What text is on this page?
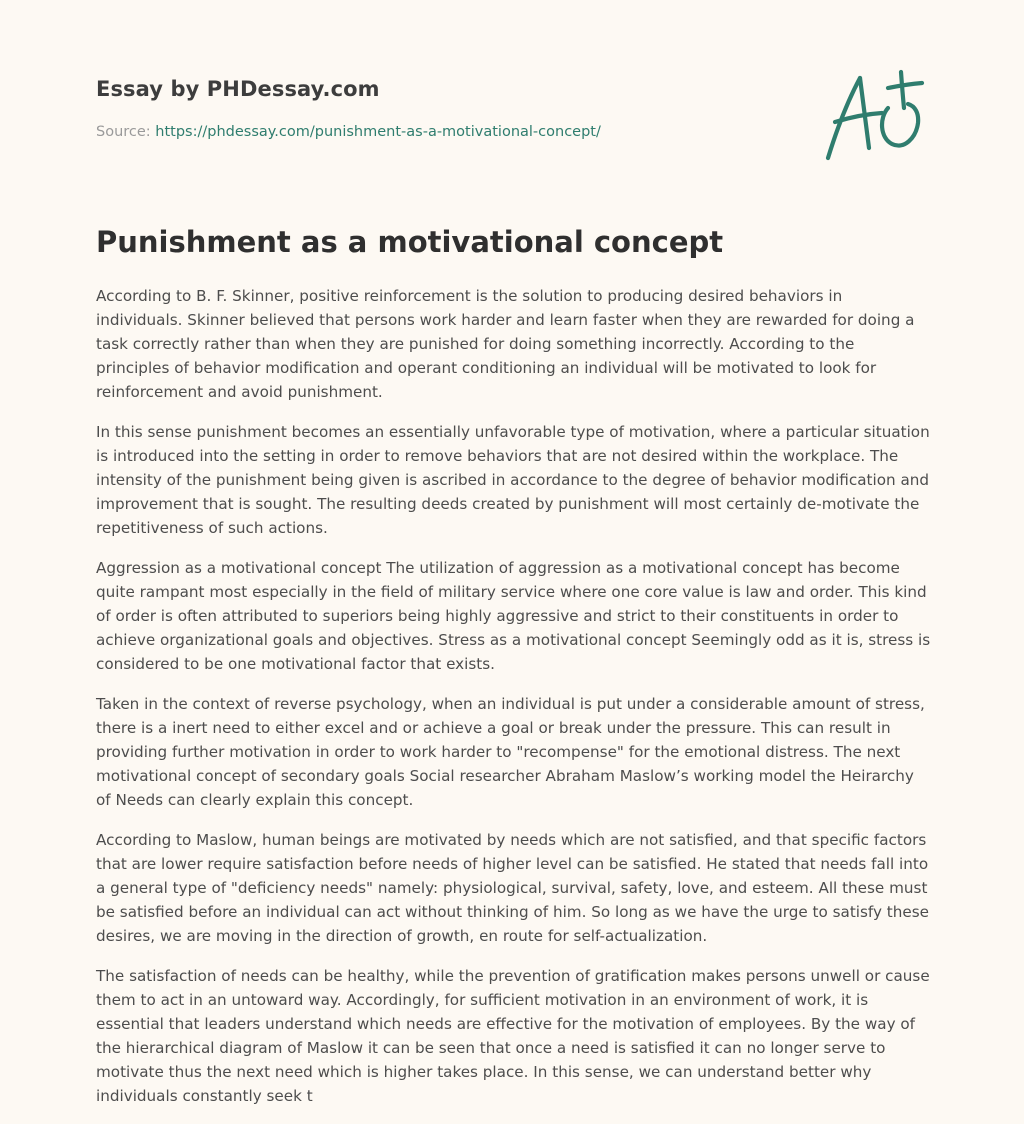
Essay by PHDessay.com

Source: https://phdessay.com/punishment-as-a-motivational-concept/

Punishment as a motivational concept

According to B. F. Skinner, positive reinforcement is the solution to producing desired behaviors in individuals. Skinner believed that persons work harder and learn faster when they are rewarded for doing a task correctly rather than when they are punished for doing something incorrectly. According to the principles of behavior modification and operant conditioning an individual will be motivated to look for reinforcement and avoid punishment.

In this sense punishment becomes an essentially unfavorable type of motivation, where a particular situation is introduced into the setting in order to remove behaviors that are not desired within the workplace. The intensity of the punishment being given is ascribed in accordance to the degree of behavior modification and improvement that is sought. The resulting deeds created by punishment will most certainly de-motivate the repetitiveness of such actions.

Aggression as a motivational concept The utilization of aggression as a motivational concept has become quite rampant most especially in the field of military service where one core value is law and order. This kind of order is often attributed to superiors being highly aggressive and strict to their constituents in order to achieve organizational goals and objectives. Stress as a motivational concept Seemingly odd as it is, stress is considered to be one motivational factor that exists.

Taken in the context of reverse psychology, when an individual is put under a considerable amount of stress, there is a inert need to either excel and or achieve a goal or break under the pressure. This can result in providing further motivation in order to work harder to "recompense" for the emotional distress. The next motivational concept of secondary goals Social researcher Abraham Maslow’s working model the Heirarchy of Needs can clearly explain this concept.

According to Maslow, human beings are motivated by needs which are not satisfied, and that specific factors that are lower require satisfaction before needs of higher level can be satisfied. He stated that needs fall into a general type of "deficiency needs" namely: physiological, survival, safety, love, and esteem. All these must be satisfied before an individual can act without thinking of him. So long as we have the urge to satisfy these desires, we are moving in the direction of growth, en route for self-actualization.

The satisfaction of needs can be healthy, while the prevention of gratification makes persons unwell or cause them to act in an untoward way. Accordingly, for sufficient motivation in an environment of work, it is essential that leaders understand which needs are effective for the motivation of employees. By the way of the hierarchical diagram of Maslow it can be seen that once a need is satisfied it can no longer serve to motivate thus the next need which is higher takes place. In this sense, we can understand better why individuals constantly seek t
